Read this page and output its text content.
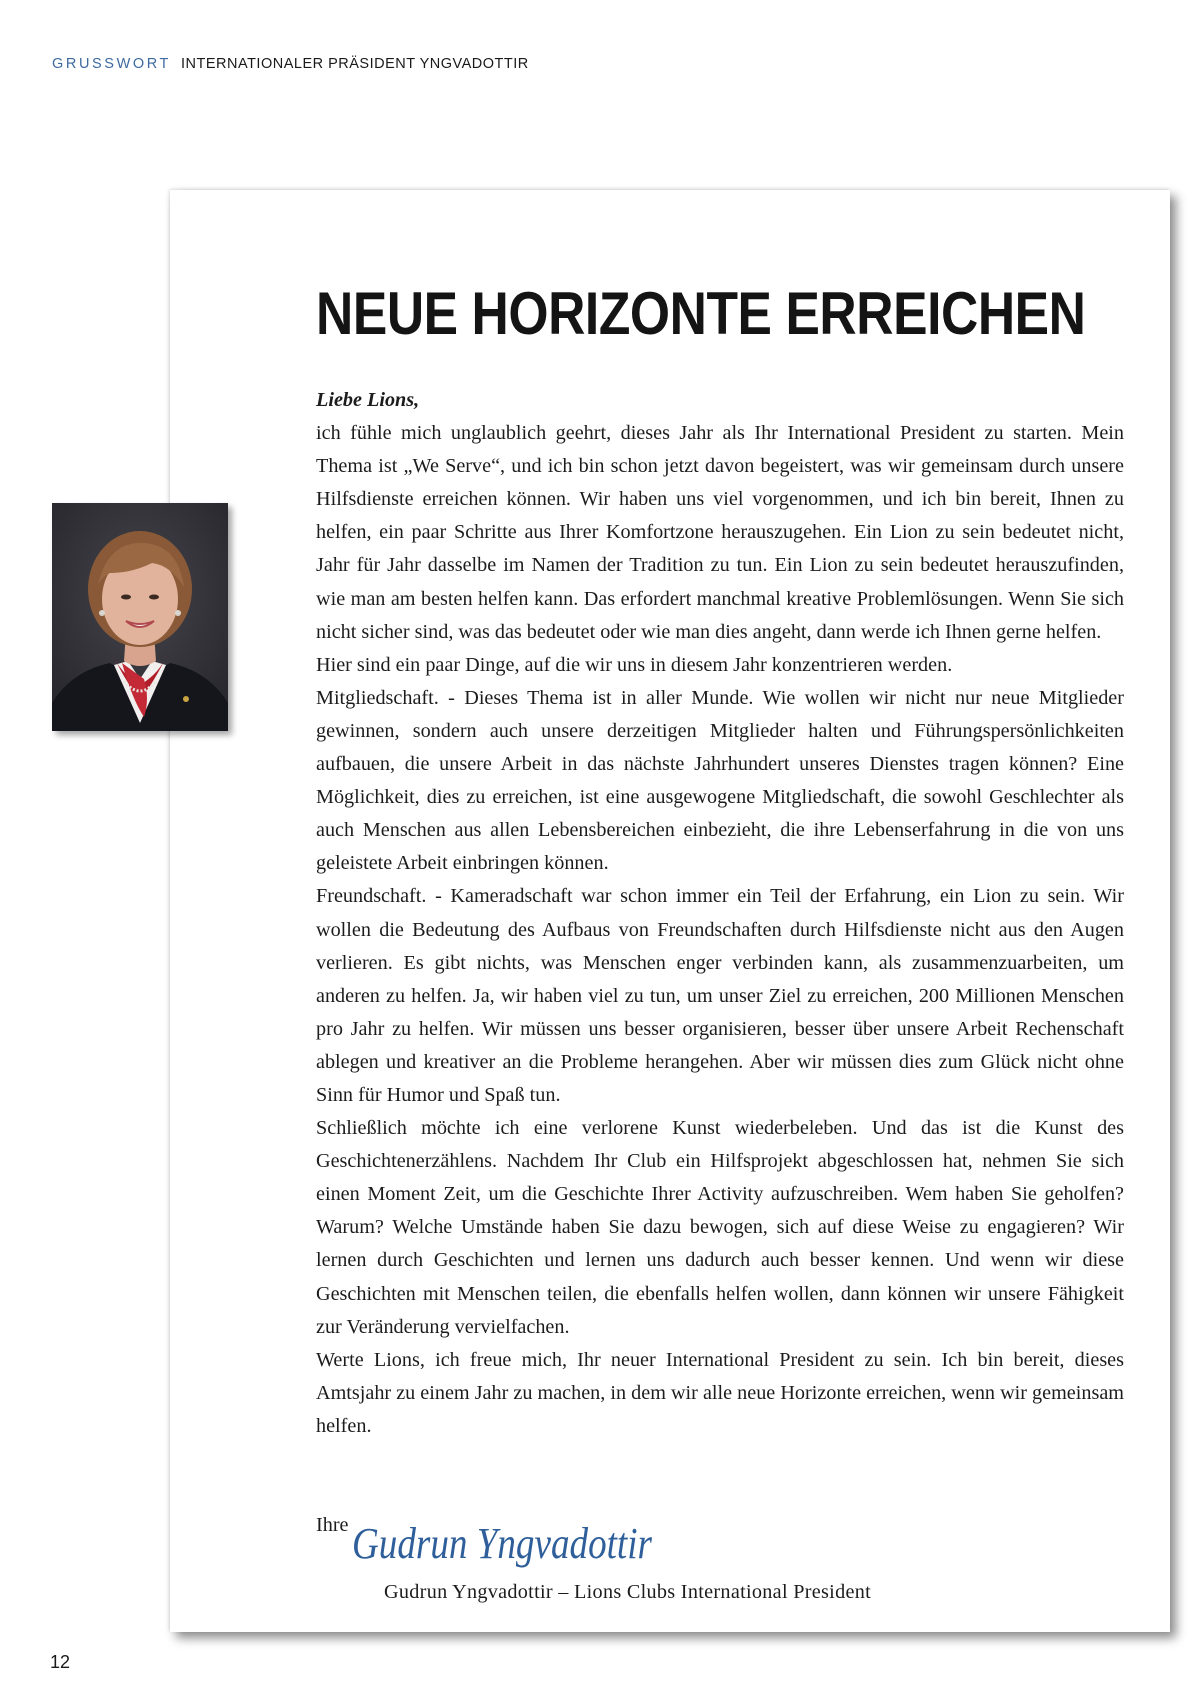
GRUSSWORT INTERNATIONALER PRÄSIDENT YNGVADOTTIR
NEUE HORIZONTE ERREICHEN

Liebe Lions,

ich fühle mich unglaublich geehrt, dieses Jahr als Ihr International President zu starten. Mein Thema ist „We Serve“, und ich bin schon jetzt davon begeistert, was wir gemeinsam durch unsere Hilfsdienste erreichen können. Wir haben uns viel vorgenommen, und ich bin bereit, Ihnen zu helfen, ein paar Schritte aus Ihrer Komfortzone herauszugehen. Ein Lion zu sein bedeutet nicht, Jahr für Jahr dasselbe im Namen der Tradition zu tun. Ein Lion zu sein bedeutet herauszufinden, wie man am besten helfen kann. Das erfordert manchmal kreative Problemlösungen. Wenn Sie sich nicht sicher sind, was das bedeutet oder wie man dies angeht, dann werde ich Ihnen gerne helfen.

Hier sind ein paar Dinge, auf die wir uns in diesem Jahr konzentrieren werden.

Mitgliedschaft. - Dieses Thema ist in aller Munde. Wie wollen wir nicht nur neue Mitglieder gewinnen, sondern auch unsere derzeitigen Mitglieder halten und Führungspersönlichkeiten aufbauen, die unsere Arbeit in das nächste Jahrhundert unseres Dienstes tragen können? Eine Möglichkeit, dies zu erreichen, ist eine ausgewogene Mitgliedschaft, die sowohl Geschlechter als auch Menschen aus allen Lebensbereichen einbezieht, die ihre Lebenserfahrung in die von uns geleistete Arbeit einbringen können.

Freundschaft. - Kameradschaft war schon immer ein Teil der Erfahrung, ein Lion zu sein. Wir wollen die Bedeutung des Aufbaus von Freundschaften durch Hilfsdienste nicht aus den Augen verlieren. Es gibt nichts, was Menschen enger verbinden kann, als zusammenzuarbeiten, um anderen zu helfen. Ja, wir haben viel zu tun, um unser Ziel zu erreichen, 200 Millionen Menschen pro Jahr zu helfen. Wir müssen uns besser organisieren, besser über unsere Arbeit Rechenschaft ablegen und kreativer an die Probleme herangehen. Aber wir müssen dies zum Glück nicht ohne Sinn für Humor und Spaß tun.

Schließlich möchte ich eine verlorene Kunst wiederbeleben. Und das ist die Kunst des Geschichtenerzählens. Nachdem Ihr Club ein Hilfsprojekt abgeschlossen hat, nehmen Sie sich einen Moment Zeit, um die Geschichte Ihrer Activity aufzuschreiben. Wem haben Sie geholfen? Warum? Welche Umstände haben Sie dazu bewogen, sich auf diese Weise zu engagieren? Wir lernen durch Geschichten und lernen uns dadurch auch besser kennen. Und wenn wir diese Geschichten mit Menschen teilen, die ebenfalls helfen wollen, dann können wir unsere Fähigkeit zur Veränderung vervielfachen.

Werte Lions, ich freue mich, Ihr neuer International President zu sein. Ich bin bereit, dieses Amtsjahr zu einem Jahr zu machen, in dem wir alle neue Horizonte erreichen, wenn wir gemeinsam helfen.

Ihre Gudrun Yngvadottir
Gudrun Yngvadottir – Lions Clubs International President
12
